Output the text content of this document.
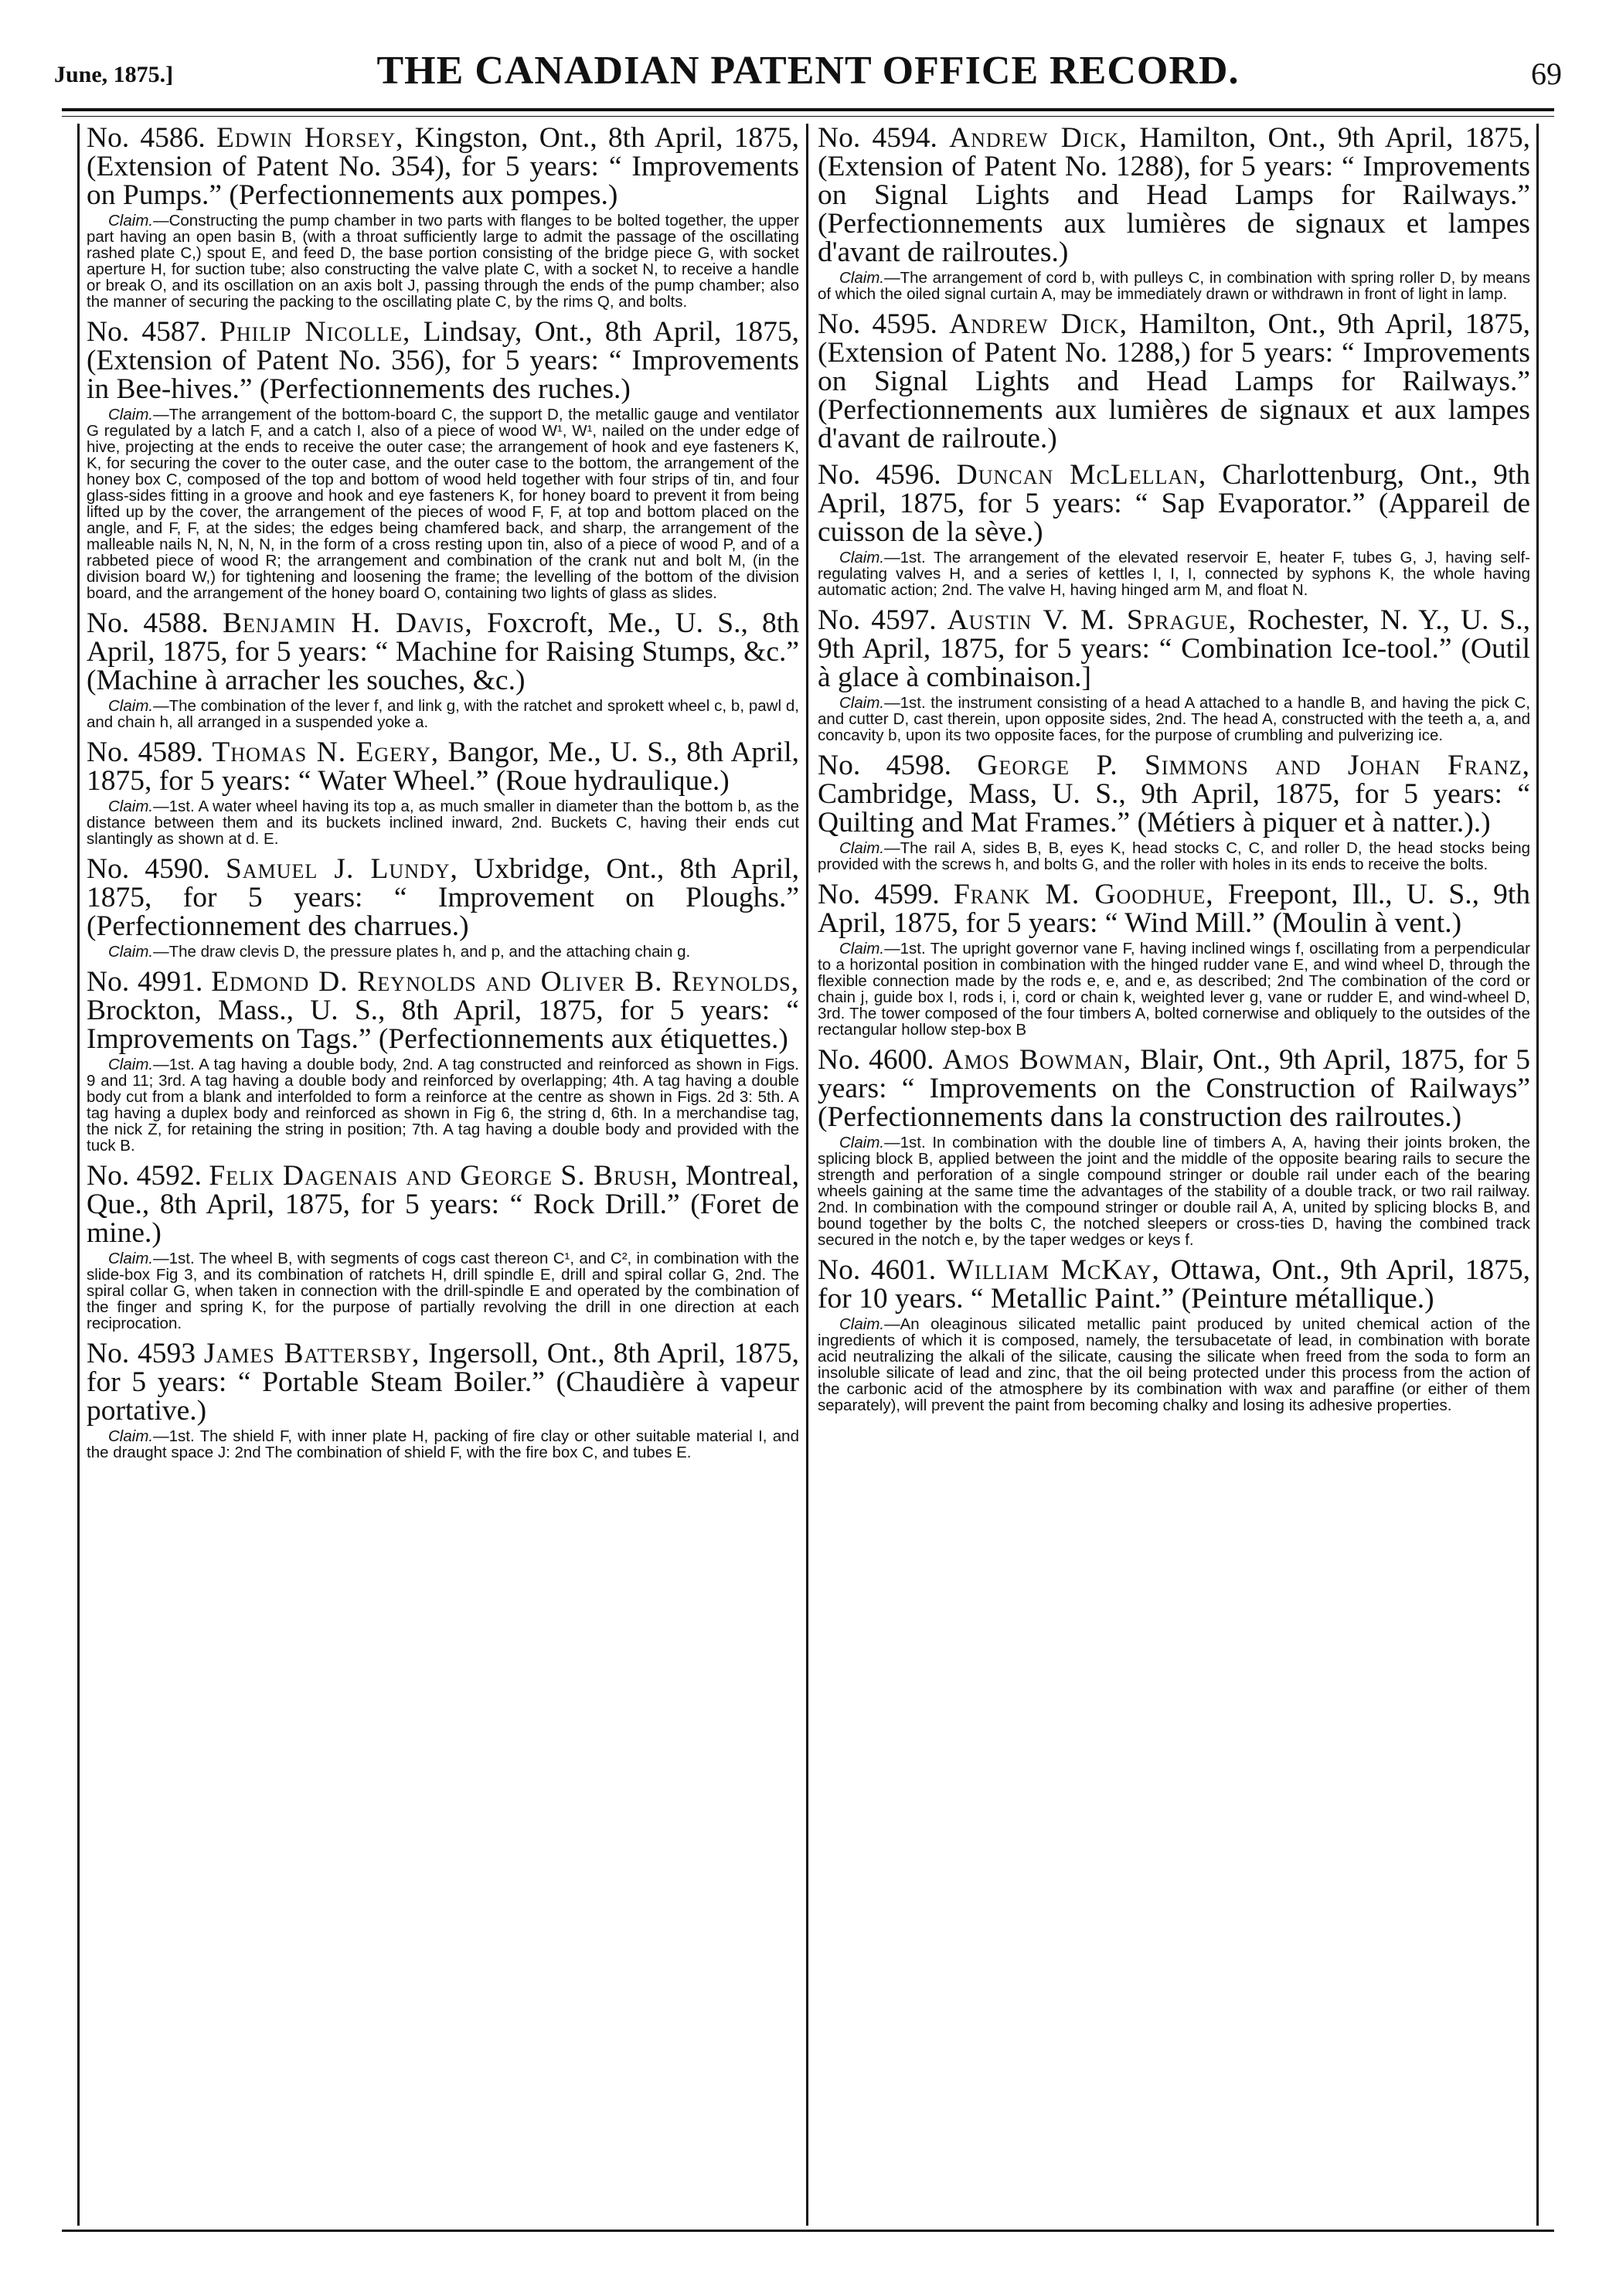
June, 1875.]	THE CANADIAN PATENT OFFICE RECORD.	69

No. 4586. Edwin Horsey, Kingston, Ont., 8th April, 1875, (Extension of Patent No. 354), for 5 years: “ Improvements on Pumps.” (Perfectionnements aux pompes.)

Claim.—Constructing the pump chamber in two parts with flanges to be bolted together, the upper part having an open basin B, (with a throat sufficiently large to admit the passage of the oscillating rashed plate C,) spout E, and feed D, the base portion consisting of the bridge piece G, with socket aperture H, for suction tube; also constructing the valve plate C, with a socket N, to receive a handle or break O, and its oscillation on an axis bolt J, passing through the ends of the pump chamber; also the manner of securing the packing to the oscillating plate C, by the rims Q, and bolts.

No. 4587. Philip Nicolle, Lindsay, Ont., 8th April, 1875, (Extension of Patent No. 356), for 5 years: “ Improvements in Bee-hives.” (Perfectionnements des ruches.)

Claim.—The arrangement of the bottom-board C, the support D, the metallic gauge and ventilator G regulated by a latch F, and a catch I, also of a piece of wood W¹, W¹, nailed on the under edge of hive, projecting at the ends to receive the outer case; the arrangement of hook and eye fasteners K, K, for securing the cover to the outer case, and the outer case to the bottom, the arrangement of the honey box C, composed of the top and bottom of wood held together with four strips of tin, and four glass-sides fitting in a groove and hook and eye fasteners K, for honey board to prevent it from being lifted up by the cover, the arrangement of the pieces of wood F, F, at top and bottom placed on the angle, and F, F, at the sides; the edges being chamfered back, and sharp, the arrangement of the malleable nails N, N, N, N, in the form of a cross resting upon tin, also of a piece of wood P, and of a rabbeted piece of wood R; the arrangement and combination of the crank nut and bolt M, (in the division board W,) for tightening and loosening the frame; the levelling of the bottom of the division board, and the arrangement of the honey board O, containing two lights of glass as slides.

No. 4588. Benjamin H. Davis, Foxcroft, Me., U. S., 8th April, 1875, for 5 years: “ Machine for Raising Stumps, &c.” (Machine à arracher les souches, &c.)

Claim.—The combination of the lever f, and link g, with the ratchet and sprokett wheel c, b, pawl d, and chain h, all arranged in a suspended yoke a.

No. 4589. Thomas N. Egery, Bangor, Me., U. S., 8th April, 1875, for 5 years: “ Water Wheel.” (Roue hydraulique.)

Claim.—1st. A water wheel having its top a, as much smaller in diameter than the bottom b, as the distance between them and its buckets inclined inward, 2nd. Buckets C, having their ends cut slantingly as shown at d. E.

No. 4590. Samuel J. Lundy, Uxbridge, Ont., 8th April, 1875, for 5 years: “ Improvement on Ploughs.” (Perfectionnement des charrues.)

Claim.—The draw clevis D, the pressure plates h, and p, and the attaching chain g.

No. 4991. Edmond D. Reynolds and Oliver B. Reynolds, Brockton, Mass., U. S., 8th April, 1875, for 5 years: “ Improvements on Tags.” (Perfectionnements aux étiquettes.)

Claim.—1st. A tag having a double body, 2nd. A tag constructed and reinforced as shown in Figs. 9 and 11; 3rd. A tag having a double body and reinforced by overlapping; 4th. A tag having a double body cut from a blank and interfolded to form a reinforce at the centre as shown in Figs. 2d 3: 5th. A tag having a duplex body and reinforced as shown in Fig 6, the string d, 6th. In a merchandise tag, the nick Z, for retaining the string in position; 7th. A tag having a double body and provided with the tuck B.

No. 4592. Felix Dagenais and George S. Brush, Montreal, Que., 8th April, 1875, for 5 years: “ Rock Drill.” (Foret de mine.)

Claim.—1st. The wheel B, with segments of cogs cast thereon C¹, and C², in combination with the slide-box Fig 3, and its combination of ratchets H, drill spindle E, drill and spiral collar G, 2nd. The spiral collar G, when taken in connection with the drill-spindle E and operated by the combination of the finger and spring K, for the purpose of partially revolving the drill in one direction at each reciprocation.

No. 4593 James Battersby, Ingersoll, Ont., 8th April, 1875, for 5 years: “ Portable Steam Boiler.” (Chaudière à vapeur portative.)

Claim.—1st. The shield F, with inner plate H, packing of fire clay or other suitable material I, and the draught space J: 2nd The combination of shield F, with the fire box C, and tubes E.

No. 4594. Andrew Dick, Hamilton, Ont., 9th April, 1875, (Extension of Patent No. 1288), for 5 years: “ Improvements on Signal Lights and Head Lamps for Railways.” (Perfectionnements aux lumières de signaux et lampes d'avant de railroutes.)

Claim.—The arrangement of cord b, with pulleys C, in combination with spring roller D, by means of which the oiled signal curtain A, may be immediately drawn or withdrawn in front of light in lamp.

No. 4595. Andrew Dick, Hamilton, Ont., 9th April, 1875, (Extension of Patent No. 1288,) for 5 years: “ Improvements on Signal Lights and Head Lamps for Railways.” (Perfectionnements aux lumières de signaux et aux lampes d'avant de railroute.)

No. 4596. Duncan McLellan, Charlottenburg, Ont., 9th April, 1875, for 5 years: “ Sap Evaporator.” (Appareil de cuisson de la sève.)

Claim.—1st. The arrangement of the elevated reservoir E, heater F, tubes G, J, having self-regulating valves H, and a series of kettles I, I, I, connected by syphons K, the whole having automatic action; 2nd. The valve H, having hinged arm M, and float N.

No. 4597. Austin V. M. Sprague, Rochester, N. Y., U. S., 9th April, 1875, for 5 years: “ Combination Ice-tool.” (Outil à glace à combinaison.]

Claim.—1st. the instrument consisting of a head A attached to a handle B, and having the pick C, and cutter D, cast therein, upon opposite sides, 2nd. The head A, constructed with the teeth a, a, and concavity b, upon its two opposite faces, for the purpose of crumbling and pulverizing ice.

No. 4598. George P. Simmons and Johan Franz, Cambridge, Mass, U. S., 9th April, 1875, for 5 years: “ Quilting and Mat Frames.” (Métiers à piquer et à natter.).)

Claim.—The rail A, sides B, B, eyes K, head stocks C, C, and roller D, the head stocks being provided with the screws h, and bolts G, and the roller with holes in its ends to receive the bolts.

No. 4599. Frank M. Goodhue, Freepont, Ill., U. S., 9th April, 1875, for 5 years: “ Wind Mill.” (Moulin à vent.)

Claim.—1st. The upright governor vane F, having inclined wings f, oscillating from a perpendicular to a horizontal position in combination with the hinged rudder vane E, and wind wheel D, through the flexible connection made by the rods e, e, and e, as described; 2nd The combination of the cord or chain j, guide box I, rods i, i, cord or chain k, weighted lever g, vane or rudder E, and wind-wheel D, 3rd. The tower composed of the four timbers A, bolted cornerwise and obliquely to the outsides of the rectangular hollow step-box B

No. 4600. Amos Bowman, Blair, Ont., 9th April, 1875, for 5 years: “ Improvements on the Construction of Railways” (Perfectionnements dans la construction des railroutes.)

Claim.—1st. In combination with the double line of timbers A, A, having their joints broken, the splicing block B, applied between the joint and the middle of the opposite bearing rails to secure the strength and perforation of a single compound stringer or double rail under each of the bearing wheels gaining at the same time the advantages of the stability of a double track, or two rail railway. 2nd. In combination with the compound stringer or double rail A, A, united by splicing blocks B, and bound together by the bolts C, the notched sleepers or cross-ties D, having the combined track secured in the notch e, by the taper wedges or keys f.

No. 4601. William McKay, Ottawa, Ont., 9th April, 1875, for 10 years. “ Metallic Paint.” (Peinture métallique.)

Claim.—An oleaginous silicated metallic paint produced by united chemical action of the ingredients of which it is composed, namely, the tersubacetate of lead, in combination with borate acid neutralizing the alkali of the silicate, causing the silicate when freed from the soda to form an insoluble silicate of lead and zinc, that the oil being protected under this process from the action of the carbonic acid of the atmosphere by its combination with wax and paraffine (or either of them separately), will prevent the paint from becoming chalky and losing its adhesive properties.
